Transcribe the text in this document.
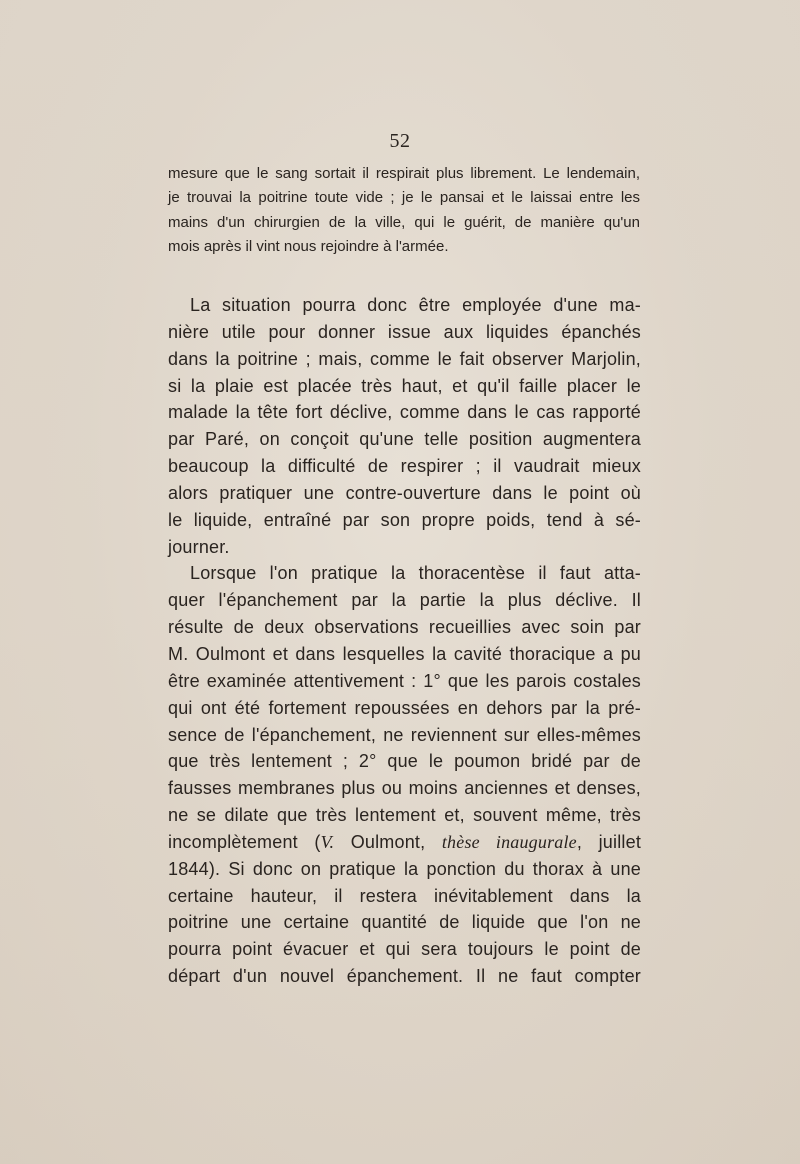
52
mesure que le sang sortait il respirait plus librement. Le lendemain,
je trouvai la poitrine toute vide ; je le pansai et le laissai entre les
mains d'un chirurgien de la ville, qui le guérit, de manière qu'un
mois après il vint nous rejoindre à l'armée.
La situation pourra donc être employée d'une ma-
nière utile pour donner issue aux liquides épanchés
dans la poitrine ; mais, comme le fait observer Marjolin,
si la plaie est placée très haut, et qu'il faille placer le
malade la tête fort déclive, comme dans le cas rapporté
par Paré, on conçoit qu'une telle position augmentera
beaucoup la difficulté de respirer ; il vaudrait mieux
alors pratiquer une contre-ouverture dans le point où
le liquide, entraîné par son propre poids, tend à sé-
journer.
Lorsque l'on pratique la thoracentèse il faut atta-
quer l'épanchement par la partie la plus déclive. Il
résulte de deux observations recueillies avec soin par
M. Oulmont et dans lesquelles la cavité thoracique a pu
être examinée attentivement : 1° que les parois costales
qui ont été fortement repoussées en dehors par la pré-
sence de l'épanchement, ne reviennent sur elles-mêmes
que très lentement ; 2° que le poumon bridé par de
fausses membranes plus ou moins anciennes et denses,
ne se dilate que très lentement et, souvent même, très
incomplètement (V. Oulmont, thèse inaugurale, juillet
1844). Si donc on pratique la ponction du thorax à une
certaine hauteur, il restera inévitablement dans la
poitrine une certaine quantité de liquide que l'on ne
pourra point évacuer et qui sera toujours le point de
départ d'un nouvel épanchement. Il ne faut compter
